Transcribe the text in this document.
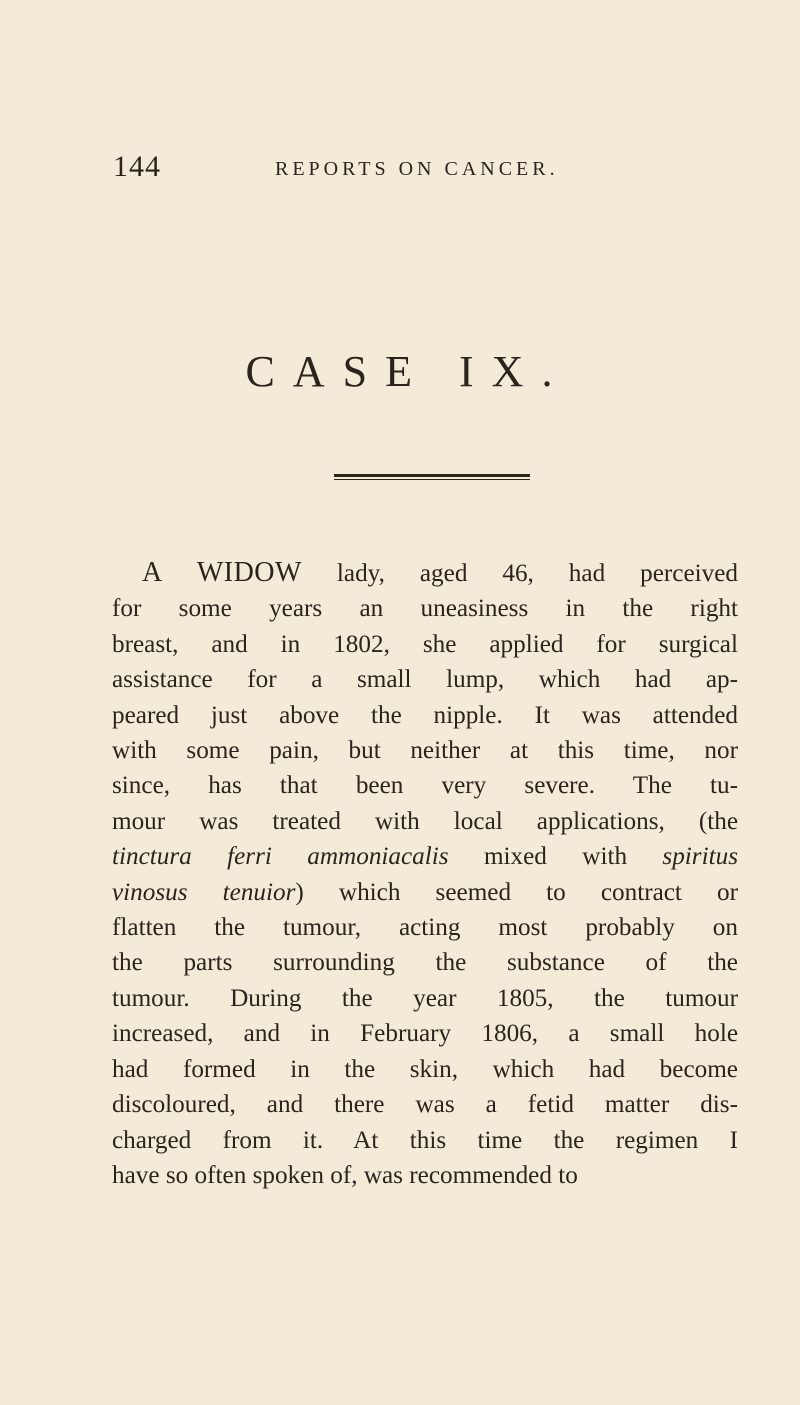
144	REPORTS ON CANCER.
CASE IX.
A WIDOW lady, aged 46, had perceived
for some years an uneasiness in the right
breast, and in 1802, she applied for surgical
assistance for a small lump, which had ap-
peared just above the nipple. It was attended
with some pain, but neither at this time, nor
since, has that been very severe. The tu-
mour was treated with local applications, (the
tinctura ferri ammoniacalis mixed with spiritus
vinosus tenuior) which seemed to contract or
flatten the tumour, acting most probably on
the parts surrounding the substance of the
tumour. During the year 1805, the tumour
increased, and in February 1806, a small hole
had formed in the skin, which had become
discoloured, and there was a fetid matter dis-
charged from it. At this time the regimen I
have so often spoken of, was recommended to
